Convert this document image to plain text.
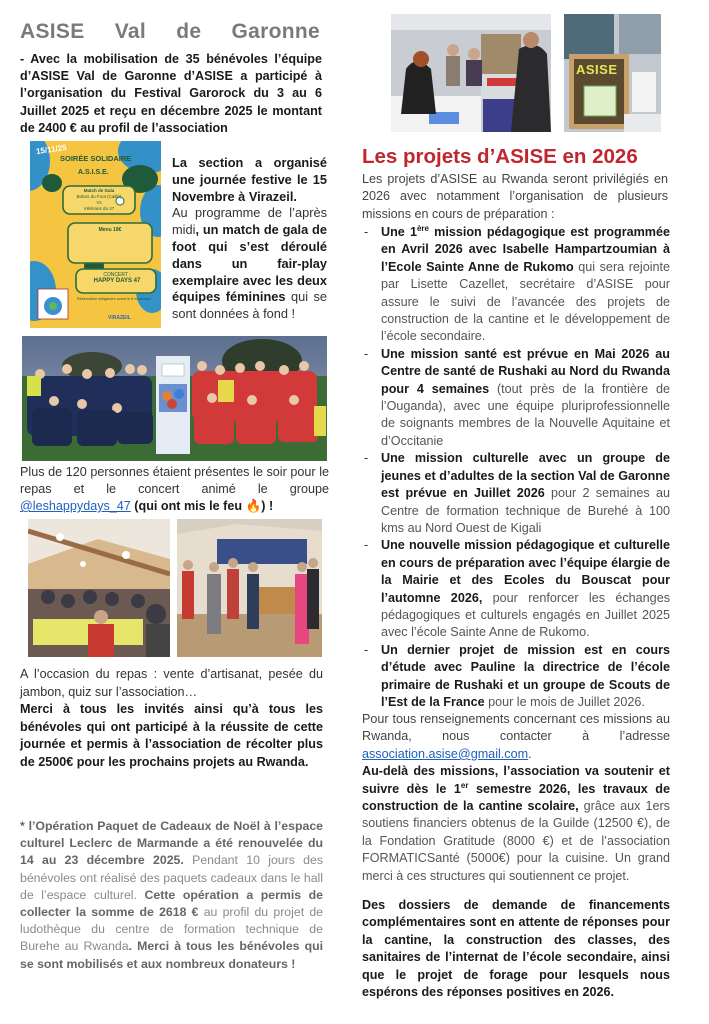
ASISE Val de Garonne

- Avec la mobilisation de 35 bénévoles l’équipe d’ASISE Val de Garonne d’ASISE a participé à l’organisation du Festival Garorock du 3 au 6 Juillet 2025 et reçu en décembre 2025 le montant de 2400 € au profil de l’association

15/11/25
SOIRÉE SOLIDAIRE
A.S.I.S.E.
Match de Gala
Bobos du Foot (Caillé)
Vs
Vétérans du 47
Menu 18€
CONCERT :
HAPPY DAYS 47
Réservation obligatoire avant le 8 novembre
VIRAZEIL

La section a organisé une journée festive le 15 Novembre à Virazeil.
Au programme de l’après midi, un match de gala de foot qui s’est déroulé dans un fair-play exemplaire avec les deux équipes féminines qui se sont données à fond !

Plus de 120 personnes étaient présentes le soir pour le repas et le concert animé le groupe @leshappydays_47 (qui ont mis le feu 🔥) !

A l’occasion du repas : vente d’artisanat, pesée du jambon, quiz sur l’association…
Merci à tous les invités ainsi qu’à tous les bénévoles qui ont participé à la réussite de cette journée et permis à l’association de récolter plus de 2500€ pour les prochains projets au Rwanda.

* l’Opération Paquet de Cadeaux de Noël à l’espace culturel Leclerc de Marmande a été renouvelée du 14 au 23 décembre 2025. Pendant 10 jours des bénévoles ont réalisé des paquets cadeaux dans le hall de l’espace culturel. Cette opération a permis de collecter la somme de 2618 € au profil du projet de ludothèque du centre de formation technique de Burehe au Rwanda. Merci à tous les bénévoles qui se sont mobilisés et aux nombreux donateurs !

ASISE
Les projets d’ASISE en 2026

Les projets d’ASISE au Rwanda seront privilégiés en 2026 avec notamment l’organisation de plusieurs missions en cours de préparation :

- Une 1ère mission pédagogique est programmée en Avril 2026 avec Isabelle Hampartzoumian à l’Ecole Sainte Anne de Rukomo qui sera rejointe par Lisette Cazellet, secrétaire d’ASISE pour assure le suivi de l’avancée des projets de construction de la cantine et le développement de l’école secondaire.
- Une mission santé est prévue en Mai 2026 au Centre de santé de Rushaki au Nord du Rwanda pour 4 semaines (tout près de la frontière de l’Ouganda), avec une équipe pluriprofessionnelle de soignants membres de la Nouvelle Aquitaine et d’Occitanie
- Une mission culturelle avec un groupe de jeunes et d’adultes de la section Val de Garonne est prévue en Juillet 2026 pour 2 semaines au Centre de formation technique de Burehé à 100 kms au Nord Ouest de Kigali
- Une nouvelle mission pédagogique et culturelle en cours de préparation avec l’équipe élargie de la Mairie et des Ecoles du Bouscat pour l’automne 2026, pour renforcer les échanges pédagogiques et culturels engagés en Juillet 2025 avec l’école Sainte Anne de Rukomo.
- Un dernier projet de mission est en cours d’étude avec Pauline la directrice de l’école primaire de Rushaki et un groupe de Scouts de l’Est de la France pour le mois de Juillet 2026.

Pour tous renseignements concernant ces missions au Rwanda, nous contacter à l’adresse association.asise@gmail.com.
Au-delà des missions, l’association va soutenir et suivre dès le 1er semestre 2026, les travaux de construction de la cantine scolaire, grâce aux 1ers soutiens financiers obtenus de la Guilde (12500 €), de la Fondation Gratitude (8000 €) et de l’association FORMATICSanté (5000€) pour la cuisine. Un grand merci à ces structures qui soutiennent ce projet.

Des dossiers de demande de financements complémentaires sont en attente de réponses pour la cantine, la construction des classes, des sanitaires de l’internat de l’école secondaire, ainsi que le projet de forage pour lesquels nous espérons des réponses positives en 2026.
